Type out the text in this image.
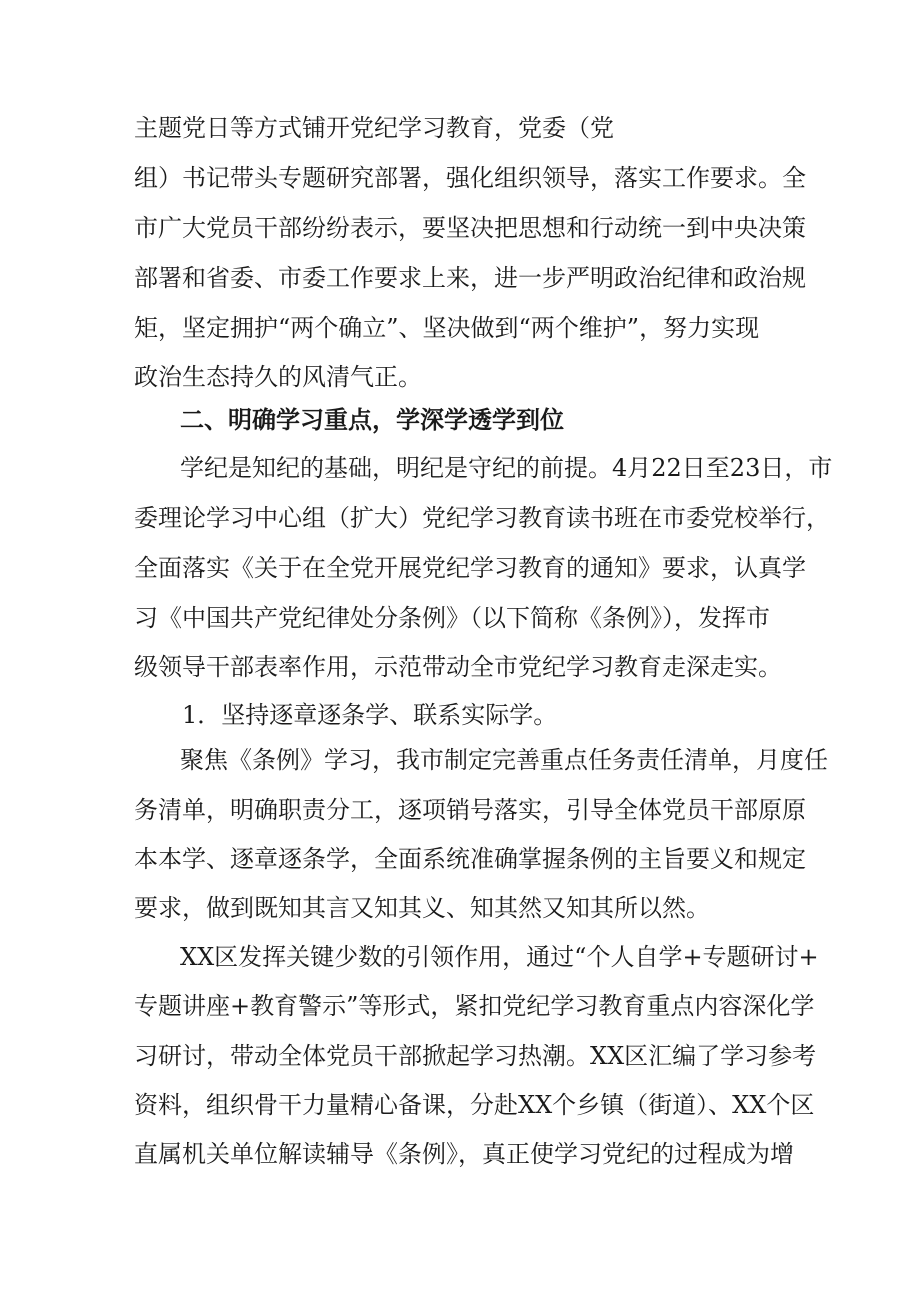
主题党日等方式铺开党纪学习教育，党委（党
组）书记带头专题研究部署，强化组织领导，落实工作要求。全
市广大党员干部纷纷表示，要坚决把思想和行动统一到中央决策
部署和省委、市委工作要求上来，进一步严明政治纪律和政治规
矩，坚定拥护“两个确立”、坚决做到“两个维护”，努力实现
政治生态持久的风清气正。
二、明确学习重点，学深学透学到位
学纪是知纪的基础，明纪是守纪的前提。4月22日至23日，市
委理论学习中心组（扩大）党纪学习教育读书班在市委党校举行，
全面落实《关于在全党开展党纪学习教育的通知》要求，认真学
习《中国共产党纪律处分条例》（以下简称《条例》），发挥市
级领导干部表率作用，示范带动全市党纪学习教育走深走实。
1．坚持逐章逐条学、联系实际学。
聚焦《条例》学习，我市制定完善重点任务责任清单，月度任
务清单，明确职责分工，逐项销号落实，引导全体党员干部原原
本本学、逐章逐条学，全面系统准确掌握条例的主旨要义和规定
要求，做到既知其言又知其义、知其然又知其所以然。
XX区发挥关键少数的引领作用，通过“个人自学+专题研讨+
专题讲座+教育警示”等形式，紧扣党纪学习教育重点内容深化学
习研讨，带动全体党员干部掀起学习热潮。XX区汇编了学习参考
资料，组织骨干力量精心备课，分赴XX个乡镇（街道）、XX个区
直属机关单位解读辅导《条例》，真正使学习党纪的过程成为增
